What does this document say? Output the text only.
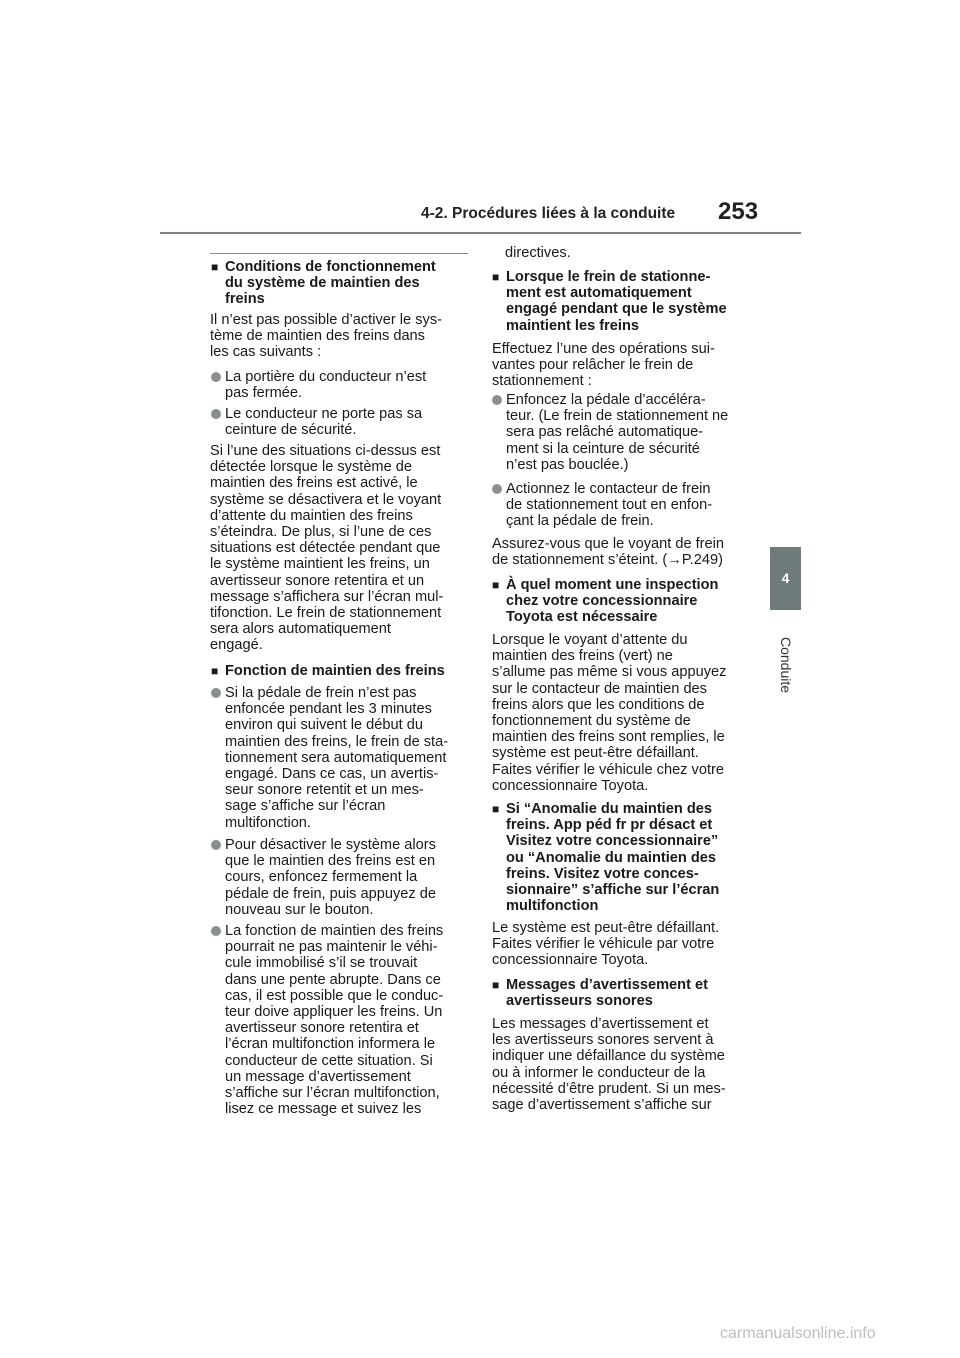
4-2. Procédures liées à la conduite 253
4
Conduite
■ Conditions de fonctionnement
du système de maintien des
freins

Il n’est pas possible d’activer le sys-
tème de maintien des freins dans
les cas suivants :

La portière du conducteur n’est
pas fermée.

Le conducteur ne porte pas sa
ceinture de sécurité.

Si l’une des situations ci-dessus est
détectée lorsque le système de
maintien des freins est activé, le
système se désactivera et le voyant
d’attente du maintien des freins
s’éteindra. De plus, si l’une de ces
situations est détectée pendant que
le système maintient les freins, un
avertisseur sonore retentira et un
message s’affichera sur l’écran mul-
tifonction. Le frein de stationnement
sera alors automatiquement
engagé.

■ Fonction de maintien des freins

Si la pédale de frein n’est pas
enfoncée pendant les 3 minutes
environ qui suivent le début du
maintien des freins, le frein de sta-
tionnement sera automatiquement
engagé. Dans ce cas, un avertis-
seur sonore retentit et un mes-
sage s’affiche sur l’écran
multifonction.

Pour désactiver le système alors
que le maintien des freins est en
cours, enfoncez fermement la
pédale de frein, puis appuyez de
nouveau sur le bouton.

La fonction de maintien des freins
pourrait ne pas maintenir le véhi-
cule immobilisé s’il se trouvait
dans une pente abrupte. Dans ce
cas, il est possible que le conduc-
teur doive appliquer les freins. Un
avertisseur sonore retentira et
l’écran multifonction informera le
conducteur de cette situation. Si
un message d’avertissement
s’affiche sur l’écran multifonction,
lisez ce message et suivez les

directives.

■ Lorsque le frein de stationne-
ment est automatiquement
engagé pendant que le système
maintient les freins

Effectuez l’une des opérations sui-
vantes pour relâcher le frein de
stationnement :

Enfoncez la pédale d’accéléra-
teur. (Le frein de stationnement ne
sera pas relâché automatique-
ment si la ceinture de sécurité
n’est pas bouclée.)

Actionnez le contacteur de frein
de stationnement tout en enfon-
çant la pédale de frein.

Assurez-vous que le voyant de frein
de stationnement s’éteint. (→P.249)

■ À quel moment une inspection
chez votre concessionnaire
Toyota est nécessaire

Lorsque le voyant d’attente du
maintien des freins (vert) ne
s’allume pas même si vous appuyez
sur le contacteur de maintien des
freins alors que les conditions de
fonctionnement du système de
maintien des freins sont remplies, le
système est peut-être défaillant.
Faites vérifier le véhicule chez votre
concessionnaire Toyota.

■ Si “Anomalie du maintien des
freins. App péd fr pr désact et
Visitez votre concessionnaire”
ou “Anomalie du maintien des
freins. Visitez votre conces-
sionnaire” s’affiche sur l’écran
multifonction

Le système est peut-être défaillant.
Faites vérifier le véhicule par votre
concessionnaire Toyota.

■ Messages d’avertissement et
avertisseurs sonores

Les messages d’avertissement et
les avertisseurs sonores servent à
indiquer une défaillance du système
ou à informer le conducteur de la
nécessité d’être prudent. Si un mes-
sage d’avertissement s’affiche sur

carmanualsonline.info
